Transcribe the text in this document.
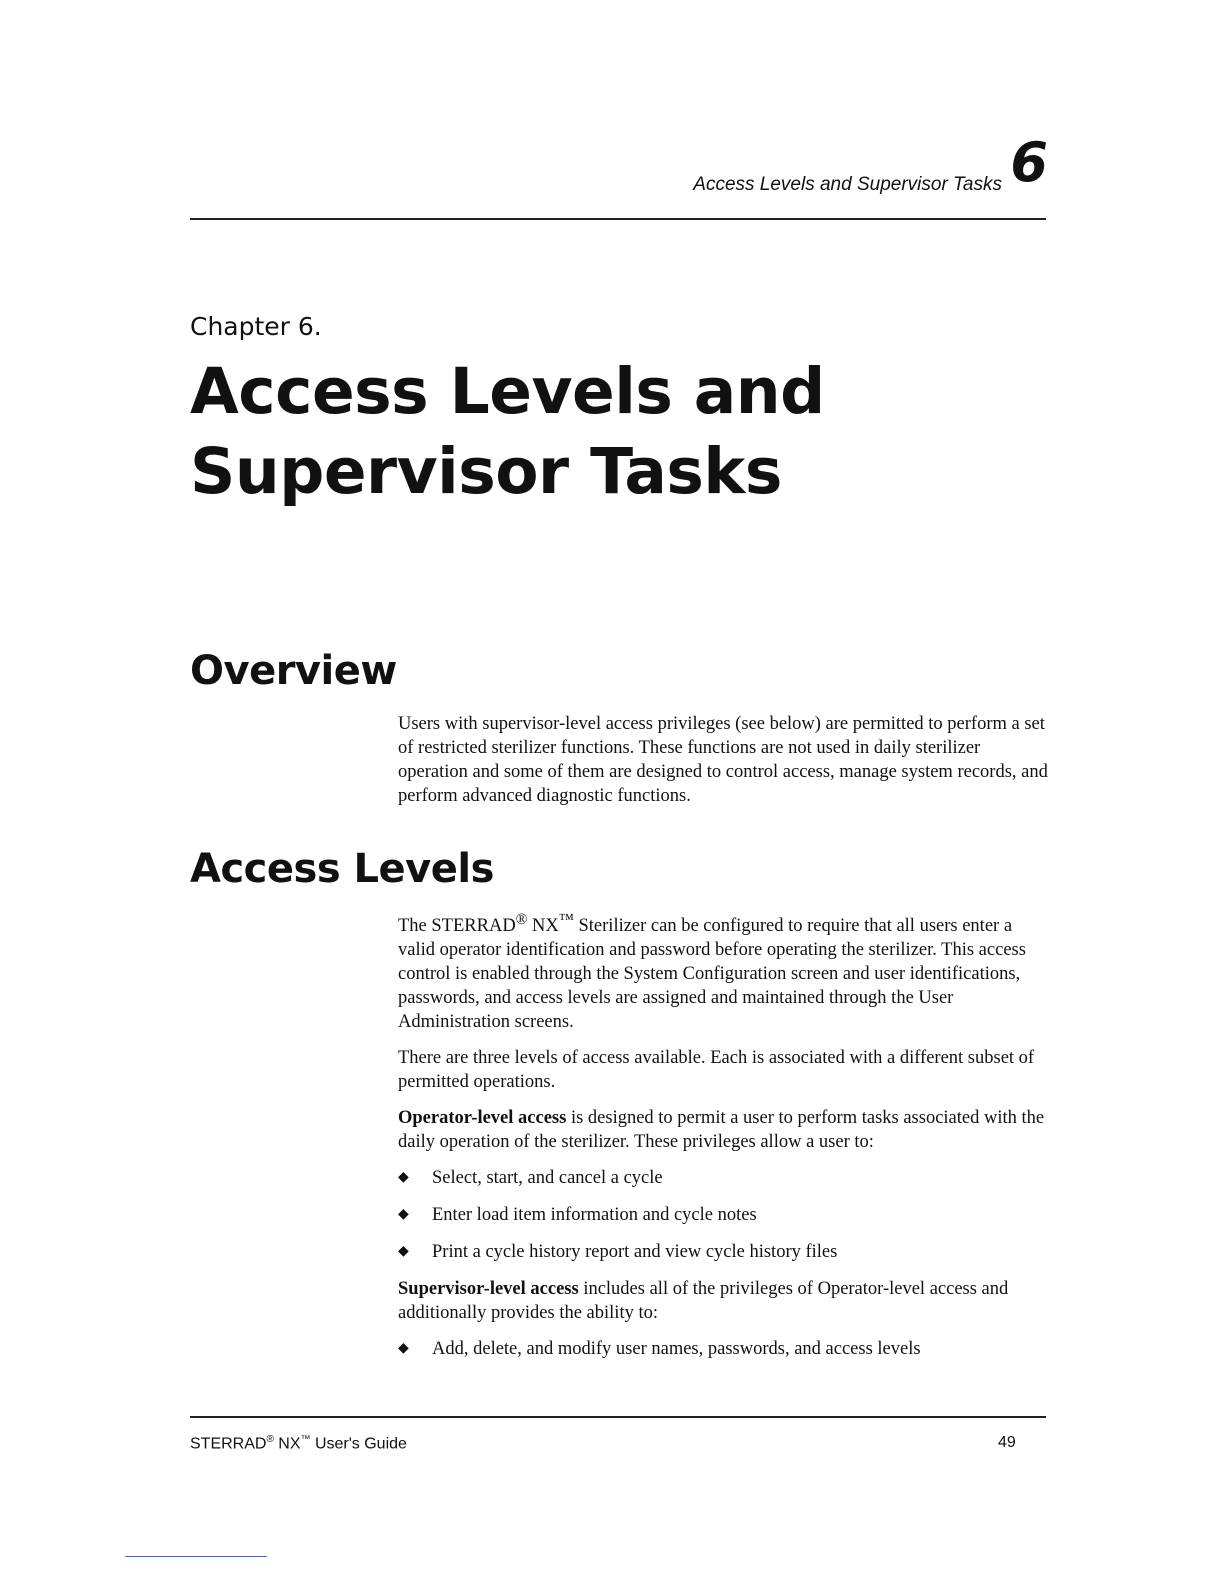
Access Levels and Supervisor Tasks 6
Chapter 6.
Access Levels and
Supervisor Tasks
Overview

Users with supervisor-level access privileges (see below) are permitted to perform a set of restricted sterilizer functions. These functions are not used in daily sterilizer operation and some of them are designed to control access, manage system records, and perform advanced diagnostic functions.

Access Levels

The STERRAD® NX™ Sterilizer can be configured to require that all users enter a valid operator identification and password before operating the sterilizer. This access control is enabled through the System Configuration screen and user identifications, passwords, and access levels are assigned and maintained through the User Administration screens.

There are three levels of access available. Each is associated with a different subset of permitted operations.

Operator-level access is designed to permit a user to perform tasks associated with the daily operation of the sterilizer. These privileges allow a user to:

◆ Select, start, and cancel a cycle
◆ Enter load item information and cycle notes
◆ Print a cycle history report and view cycle history files

Supervisor-level access includes all of the privileges of Operator-level access and additionally provides the ability to:

◆ Add, delete, and modify user names, passwords, and access levels
STERRAD® NX™ User's Guide	49
